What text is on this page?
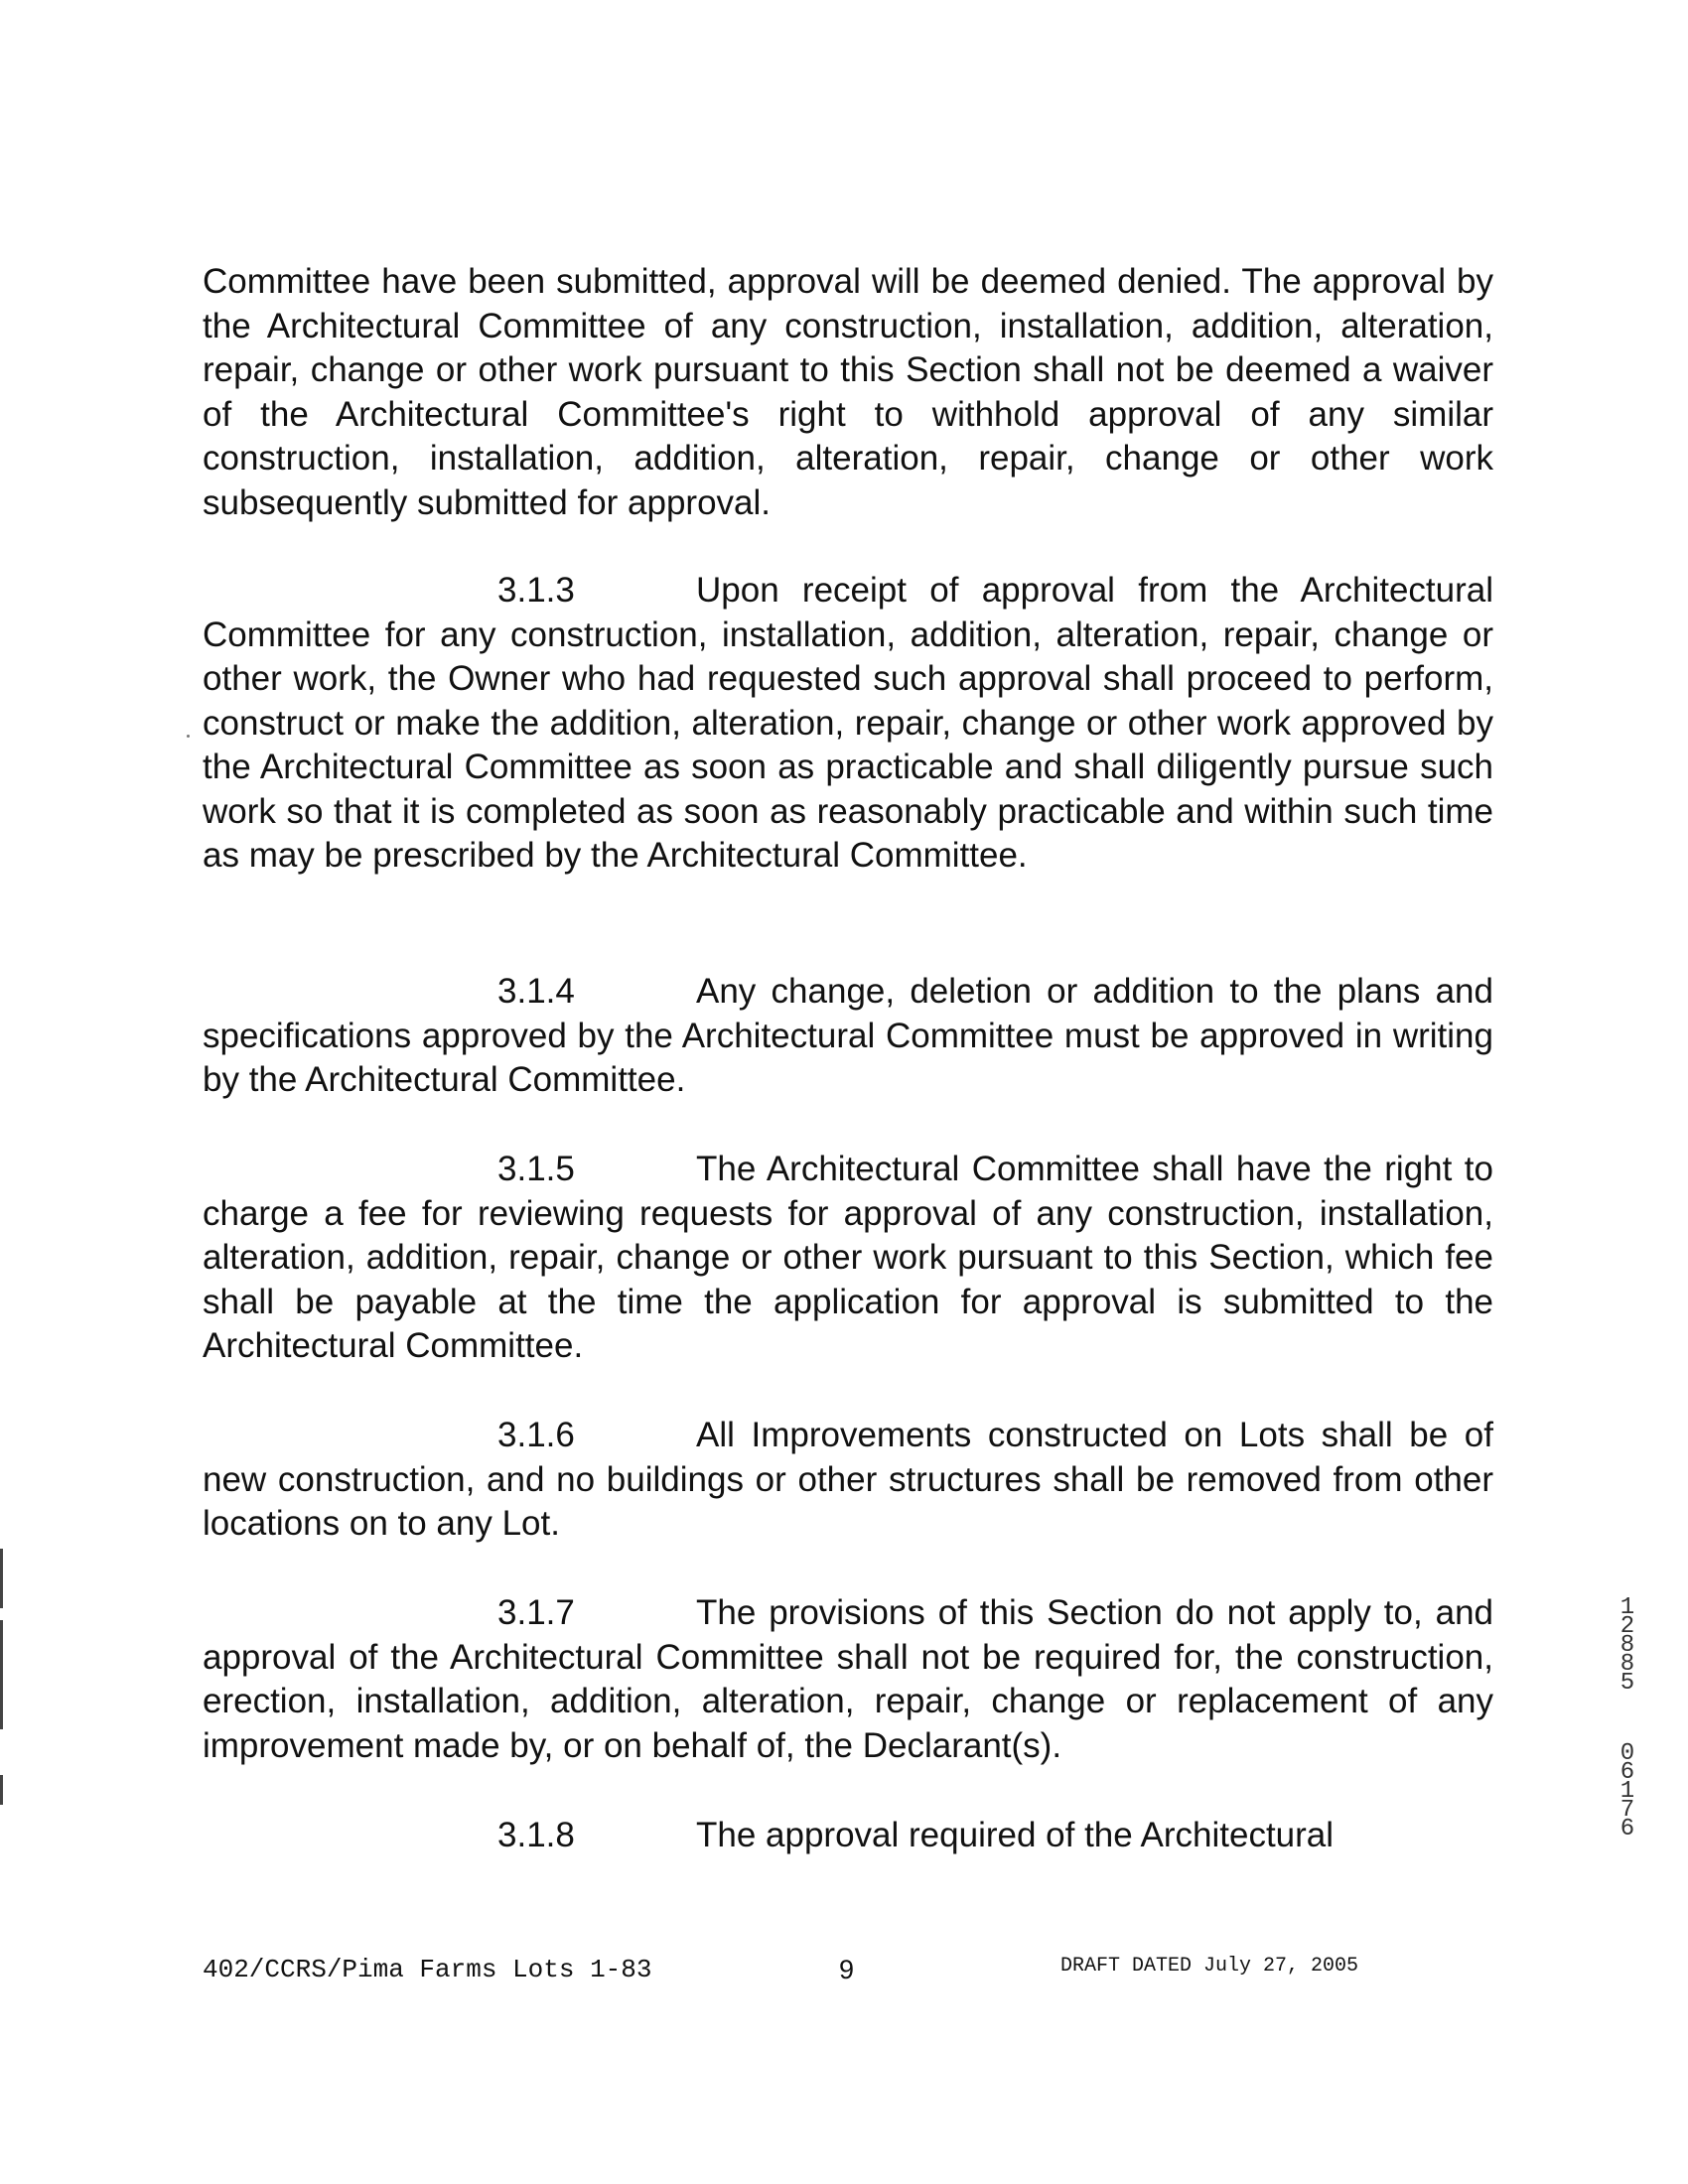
Committee have been submitted, approval will be deemed denied. The approval by the Architectural Committee of any construction, installation, addition, alteration, repair, change or other work pursuant to this Section shall not be deemed a waiver of the Architectural Committee's right to withhold approval of any similar construction, installation, addition, alteration, repair, change or other work subsequently submitted for approval.

3.1.3	Upon receipt of approval from the Architectural Committee for any construction, installation, addition, alteration, repair, change or other work, the Owner who had requested such approval shall proceed to perform, construct or make the addition, alteration, repair, change or other work approved by the Architectural Committee as soon as practicable and shall diligently pursue such work so that it is completed as soon as reasonably practicable and within such time as may be prescribed by the Architectural Committee.

3.1.4	Any change, deletion or addition to the plans and specifications approved by the Architectural Committee must be approved in writing by the Architectural Committee.

3.1.5	The Architectural Committee shall have the right to charge a fee for reviewing requests for approval of any construction, installation, alteration, addition, repair, change or other work pursuant to this Section, which fee shall be payable at the time the application for approval is submitted to the Architectural Committee.

3.1.6	All Improvements constructed on Lots shall be of new construction, and no buildings or other structures shall be removed from other locations on to any Lot.

3.1.7	The provisions of this Section do not apply to, and approval of the Architectural Committee shall not be required for, the construction, erection, installation, addition, alteration, repair, change or replacement of any improvement made by, or on behalf of, the Declarant(s).

3.1.8	The approval required of the Architectural

402/CCRS/Pima Farms Lots 1-83	9	DRAFT DATED July 27, 2005
12885
06176
